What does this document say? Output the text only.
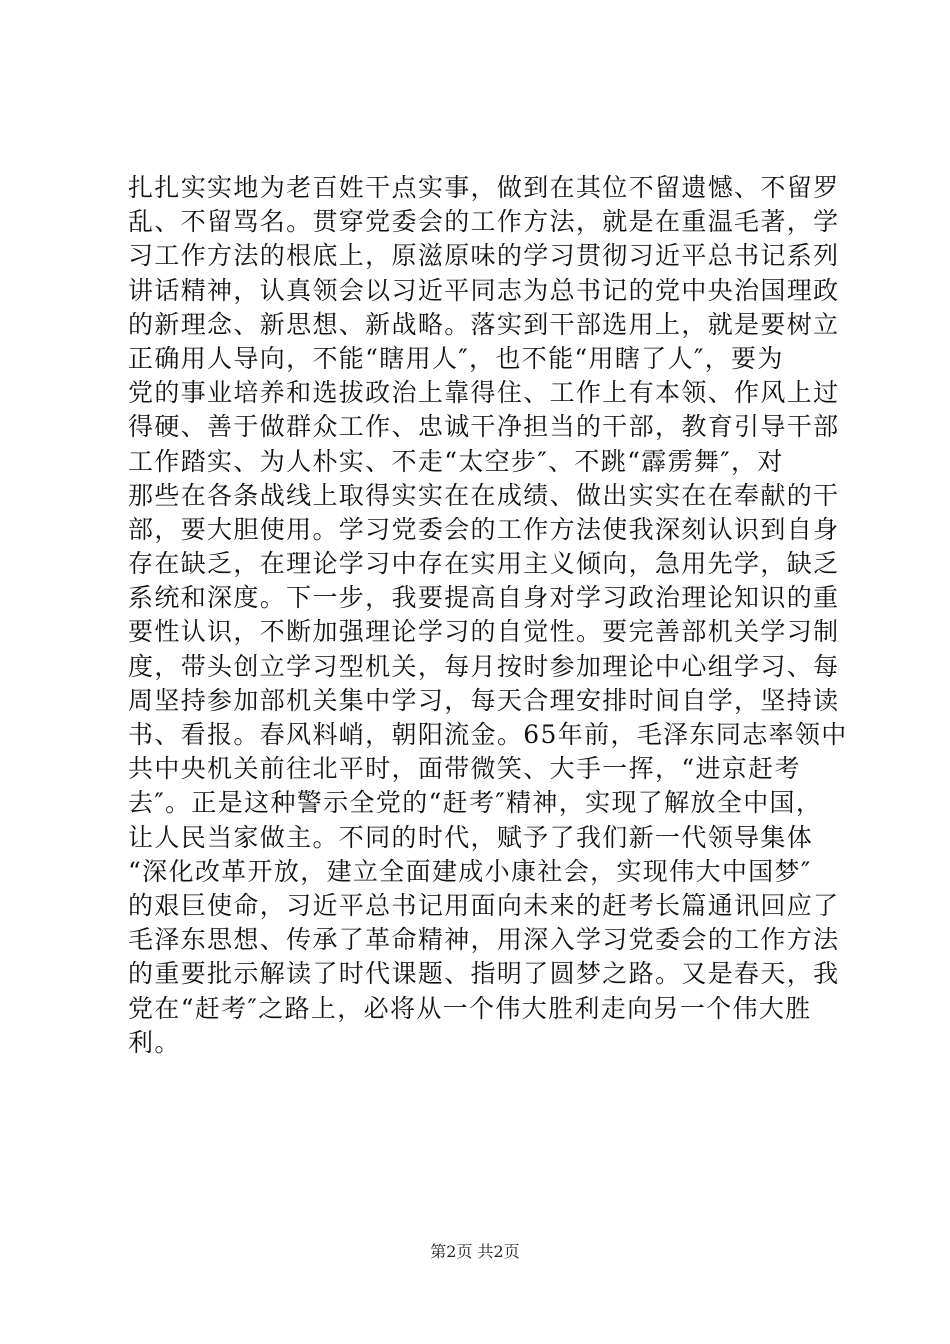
扎扎实实地为老百姓干点实事，做到在其位不留遗憾、不留罗
乱、不留骂名。贯穿党委会的工作方法，就是在重温毛著，学
习工作方法的根底上，原滋原味的学习贯彻习近平总书记系列
讲话精神，认真领会以习近平同志为总书记的党中央治国理政
的新理念、新思想、新战略。落实到干部选用上，就是要树立
正确用人导向，不能“瞎用人″，也不能“用瞎了人″，要为
党的事业培养和选拔政治上靠得住、工作上有本领、作风上过
得硬、善于做群众工作、忠诚干净担当的干部，教育引导干部
工作踏实、为人朴实、不走“太空步″、不跳“霹雳舞″，对
那些在各条战线上取得实实在在成绩、做出实实在在奉献的干
部，要大胆使用。学习党委会的工作方法使我深刻认识到自身
存在缺乏，在理论学习中存在实用主义倾向，急用先学，缺乏
系统和深度。下一步，我要提高自身对学习政治理论知识的重
要性认识，不断加强理论学习的自觉性。要完善部机关学习制
度，带头创立学习型机关，每月按时参加理论中心组学习、每
周坚持参加部机关集中学习，每天合理安排时间自学，坚持读
书、看报。春风料峭，朝阳流金。65年前，毛泽东同志率领中
共中央机关前往北平时，面带微笑、大手一挥，“进京赶考
去″。正是这种警示全党的“赶考″精神，实现了解放全中国，
让人民当家做主。不同的时代，赋予了我们新一代领导集体
“深化改革开放，建立全面建成小康社会，实现伟大中国梦″
的艰巨使命，习近平总书记用面向未来的赶考长篇通讯回应了
毛泽东思想、传承了革命精神，用深入学习党委会的工作方法
的重要批示解读了时代课题、指明了圆梦之路。又是春天，我
党在“赶考″之路上，必将从一个伟大胜利走向另一个伟大胜
利。
第2页 共2页
